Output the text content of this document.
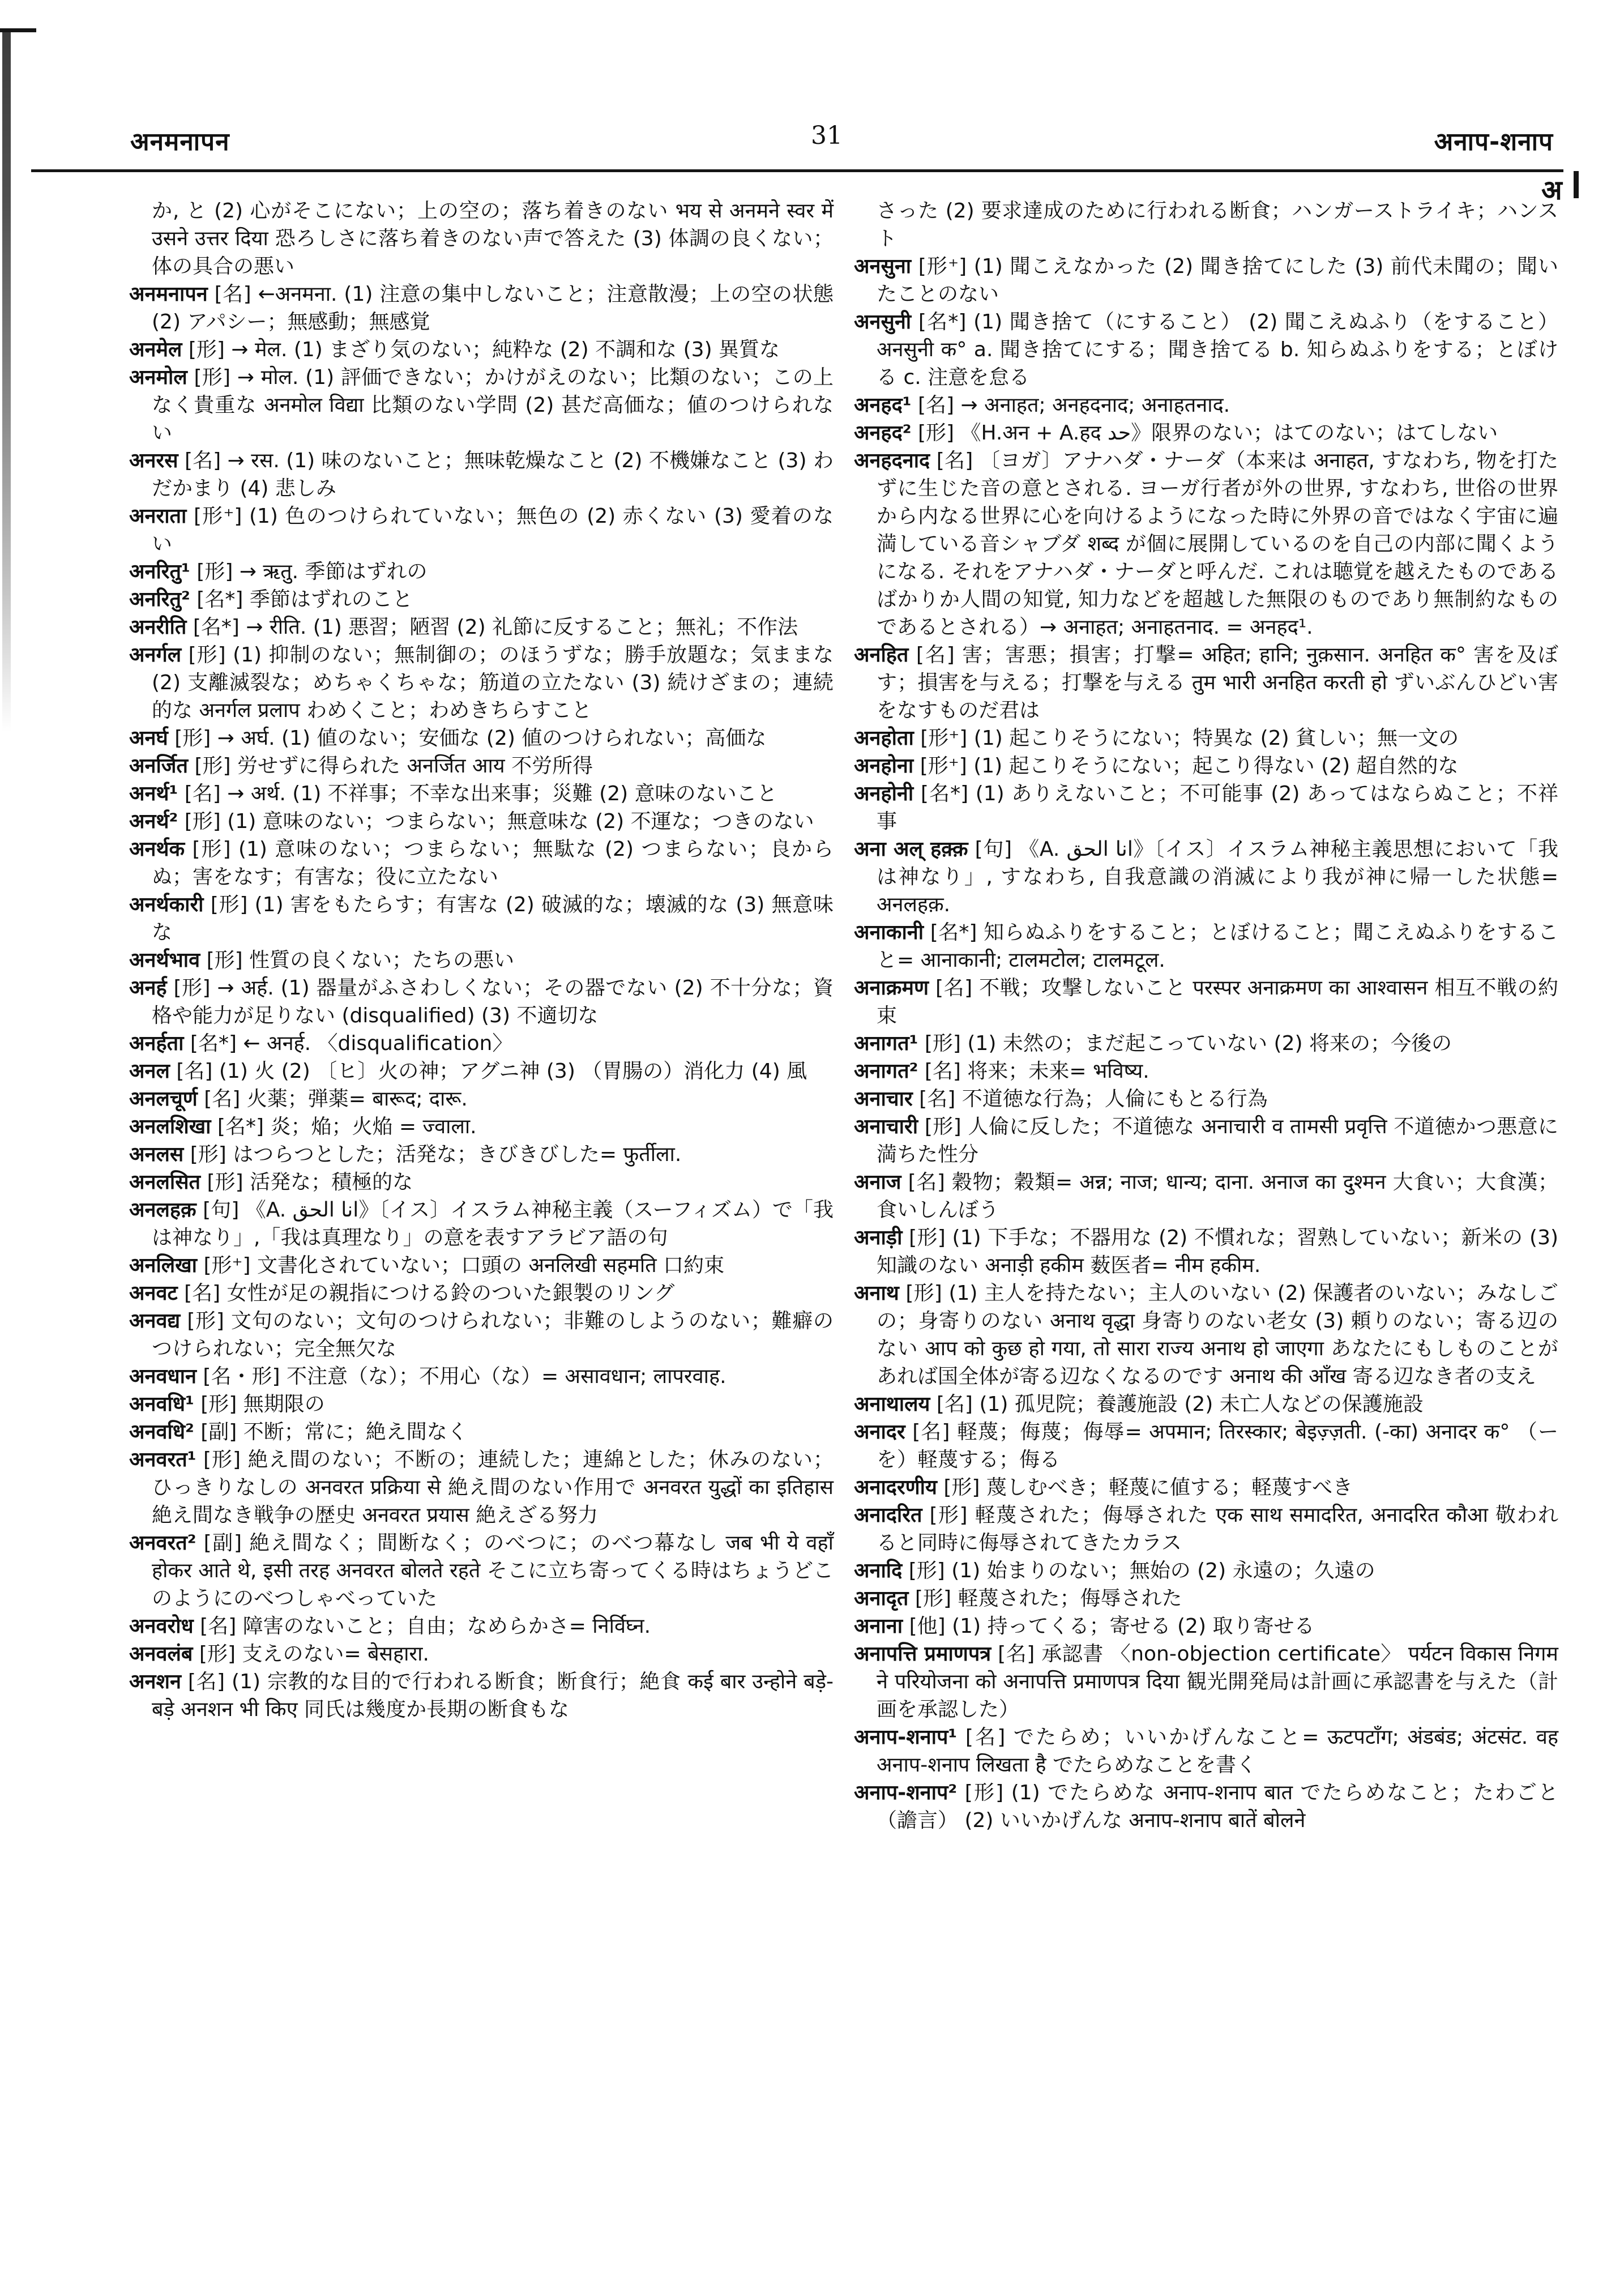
अनमनापन	31	अनाप-शनाप
अ

か, と (2) 心がそこにない；上の空の；落ち着きのない भय से अनमने स्वर में उसने उत्तर दिया 恐ろしさに落ち着きのない声で答えた (3) 体調の良くない；体の具合の悪い

अनमनापन [名] ←अनमना. (1) 注意の集中しないこと；注意散漫；上の空の状態 (2) アパシー；無感動；無感覚

अनमेल [形] → मेल. (1) まざり気のない；純粋な (2) 不調和な (3) 異質な

अनमोल [形] → मोल. (1) 評価できない；かけがえのない；比類のない；この上なく貴重な अनमोल विद्या 比類のない学問 (2) 甚だ高価な；値のつけられない

अनरस [名] → रस. (1) 味のないこと；無味乾燥なこと (2) 不機嫌なこと (3) わだかまり (4) 悲しみ

अनराता [形⁺] (1) 色のつけられていない；無色の (2) 赤くない (3) 愛着のない

अनरितु¹ [形] → ऋतु. 季節はずれの

अनरितु² [名*] 季節はずれのこと

अनरीति [名*] → रीति. (1) 悪習；陋習 (2) 礼節に反すること；無礼；不作法

अनर्गल [形] (1) 抑制のない；無制御の；のほうずな；勝手放題な；気ままな (2) 支離滅裂な；めちゃくちゃな；筋道の立たない (3) 続けざまの；連続的な अनर्गल प्रलाप わめくこと；わめきちらすこと

अनर्घ [形] → अर्घ. (1) 値のない；安価な (2) 値のつけられない；高価な

अनर्जित [形] 労せずに得られた अनर्जित आय 不労所得

अनर्थ¹ [名] → अर्थ. (1) 不祥事；不幸な出来事；災難 (2) 意味のないこと

अनर्थ² [形] (1) 意味のない；つまらない；無意味な (2) 不運な；つきのない

अनर्थक [形] (1) 意味のない；つまらない；無駄な (2) つまらない；良からぬ；害をなす；有害な；役に立たない

अनर्थकारी [形] (1) 害をもたらす；有害な (2) 破滅的な；壊滅的な (3) 無意味な

अनर्थभाव [形] 性質の良くない；たちの悪い

अनर्ह [形] → अर्ह. (1) 器量がふさわしくない；その器でない (2) 不十分な；資格や能力が足りない (disqualified) (3) 不適切な

अनर्हता [名*] ← अनर्ह. 〈disqualification〉

अनल [名] (1) 火 (2) 〔ヒ〕火の神；アグニ神 (3) （胃腸の）消化力 (4) 風

अनलचूर्ण [名] 火薬；弾薬= बारूद; दारू.

अनलशिखा [名*] 炎；焔；火焔 = ज्वाला.

अनलस [形] はつらつとした；活発な；きびきびした= फुर्तीला.

अनलसित [形] 活発な；積極的な

अनलहक़ [句] 《A. انا الحق》〔イス〕イスラム神秘主義（スーフィズム）で「我は神なり」,「我は真理なり」の意を表すアラビア語の句

अनलिखा [形⁺] 文書化されていない；口頭の अनलिखी सहमति 口約束

अनवट [名] 女性が足の親指につける鈴のついた銀製のリング

अनवद्य [形] 文句のない；文句のつけられない；非難のしようのない；難癖のつけられない；完全無欠な

अनवधान [名・形] 不注意（な）；不用心（な）= असावधान; लापरवाह.

अनवधि¹ [形] 無期限の

अनवधि² [副] 不断；常に；絶え間なく

अनवरत¹ [形] 絶え間のない；不断の；連続した；連綿とした；休みのない；ひっきりなしの अनवरत प्रक्रिया से 絶え間のない作用で अनवरत युद्धों का इतिहास 絶え間なき戦争の歴史 अनवरत प्रयास 絶えざる努力

अनवरत² [副] 絶え間なく；間断なく；のべつに；のべつ幕なし जब भी ये वहाँ होकर आते थे, इसी तरह अनवरत बोलते रहते そこに立ち寄ってくる時はちょうどこのようにのべつしゃべっていた

अनवरोध [名] 障害のないこと；自由；なめらかさ= निर्विघ्न.

अनवलंब [形] 支えのない= बेसहारा.

अनशन [名] (1) 宗教的な目的で行われる断食；断食行；絶食 कई बार उन्होने बड़े-बड़े अनशन भी किए 同氏は幾度か長期の断食もな

さった (2) 要求達成のために行われる断食；ハンガーストライキ；ハンスト

अनसुना [形⁺] (1) 聞こえなかった (2) 聞き捨てにした (3) 前代未聞の；聞いたことのない

अनसुनी [名*] (1) 聞き捨て（にすること） (2) 聞こえぬふり（をすること） अनसुनी क° a. 聞き捨てにする；聞き捨てる b. 知らぬふりをする；とぼける c. 注意を怠る

अनहद¹ [名] → अनाहत; अनहदनाद; अनाहतनाद.

अनहद² [形] 《H.अन + A.हद حد》限界のない；はてのない；はてしない

अनहदनाद [名] 〔ヨガ〕アナハダ・ナーダ（本来は अनाहत, すなわち, 物を打たずに生じた音の意とされる. ヨーガ行者が外の世界, すなわち, 世俗の世界から内なる世界に心を向けるようになった時に外界の音ではなく宇宙に遍満している音シャブダ शब्द が個に展開しているのを自己の内部に聞くようになる. それをアナハダ・ナーダと呼んだ. これは聴覚を越えたものであるばかりか人間の知覚, 知力などを超越した無限のものであり無制約なものであるとされる）→ अनाहत; अनाहतनाद. = अनहद¹.

अनहित [名] 害；害悪；損害；打撃= अहित; हानि; नुक़सान. अनहित क° 害を及ぼす；損害を与える；打撃を与える तुम भारी अनहित करती हो ずいぶんひどい害をなすものだ君は

अनहोता [形⁺] (1) 起こりそうにない；特異な (2) 貧しい；無一文の

अनहोना [形⁺] (1) 起こりそうにない；起こり得ない (2) 超自然的な

अनहोनी [名*] (1) ありえないこと；不可能事 (2) あってはならぬこと；不祥事

अना अल् हक़्क़ [句] 《A. انا الحق》〔イス〕イスラム神秘主義思想において「我は神なり」, すなわち, 自我意識の消滅により我が神に帰一した状態= अनलहक़.

अनाकानी [名*] 知らぬふりをすること；とぼけること；聞こえぬふりをすること= आनाकानी; टालमटोल; टालमटूल.

अनाक्रमण [名] 不戦；攻撃しないこと परस्पर अनाक्रमण का आश्वासन 相互不戦の約束

अनागत¹ [形] (1) 未然の；まだ起こっていない (2) 将来の；今後の

अनागत² [名] 将来；未来= भविष्य.

अनाचार [名] 不道徳な行為；人倫にもとる行為

अनाचारी [形] 人倫に反した；不道徳な अनाचारी व तामसी प्रवृत्ति 不道徳かつ悪意に満ちた性分

अनाज [名] 穀物；穀類= अन्न; नाज; धान्य; दाना. अनाज का दुश्मन 大食い；大食漢；食いしんぼう

अनाड़ी [形] (1) 下手な；不器用な (2) 不慣れな；習熟していない；新米の (3) 知識のない अनाड़ी हकीम 薮医者= नीम हकीम.

अनाथ [形] (1) 主人を持たない；主人のいない (2) 保護者のいない；みなしごの；身寄りのない अनाथ वृद्धा 身寄りのない老女 (3) 頼りのない；寄る辺のない आप को कुछ हो गया, तो सारा राज्य अनाथ हो जाएगा あなたにもしものことがあれば国全体が寄る辺なくなるのです अनाथ की आँख 寄る辺なき者の支え

अनाथालय [名] (1) 孤児院；養護施設 (2) 未亡人などの保護施設

अनादर [名] 軽蔑；侮蔑；侮辱= अपमान; तिरस्कार; बेइज़्ज़ती. (-का) अनादर क° （ーを）軽蔑する；侮る

अनादरणीय [形] 蔑しむべき；軽蔑に値する；軽蔑すべき

अनादरित [形] 軽蔑された；侮辱された एक साथ समादरित, अनादरित कौआ 敬われると同時に侮辱されてきたカラス

अनादि [形] (1) 始まりのない；無始の (2) 永遠の；久遠の

अनादृत [形] 軽蔑された；侮辱された

अनाना [他] (1) 持ってくる；寄せる (2) 取り寄せる

अनापत्ति प्रमाणपत्र [名] 承認書 〈non-objection certificate〉 पर्यटन विकास निगम ने परियोजना को अनापत्ति प्रमाणपत्र दिया 観光開発局は計画に承認書を与えた（計画を承認した）

अनाप-शनाप¹ [名] でたらめ；いいかげんなこと= ऊटपटाँग; अंडबंड; अंटसंट. वह अनाप-शनाप लिखता है でたらめなことを書く

अनाप-शनाप² [形] (1) でたらめな अनाप-शनाप बात でたらめなこと；たわごと（譫言） (2) いいかげんな अनाप-शनाप बातें बोलने
